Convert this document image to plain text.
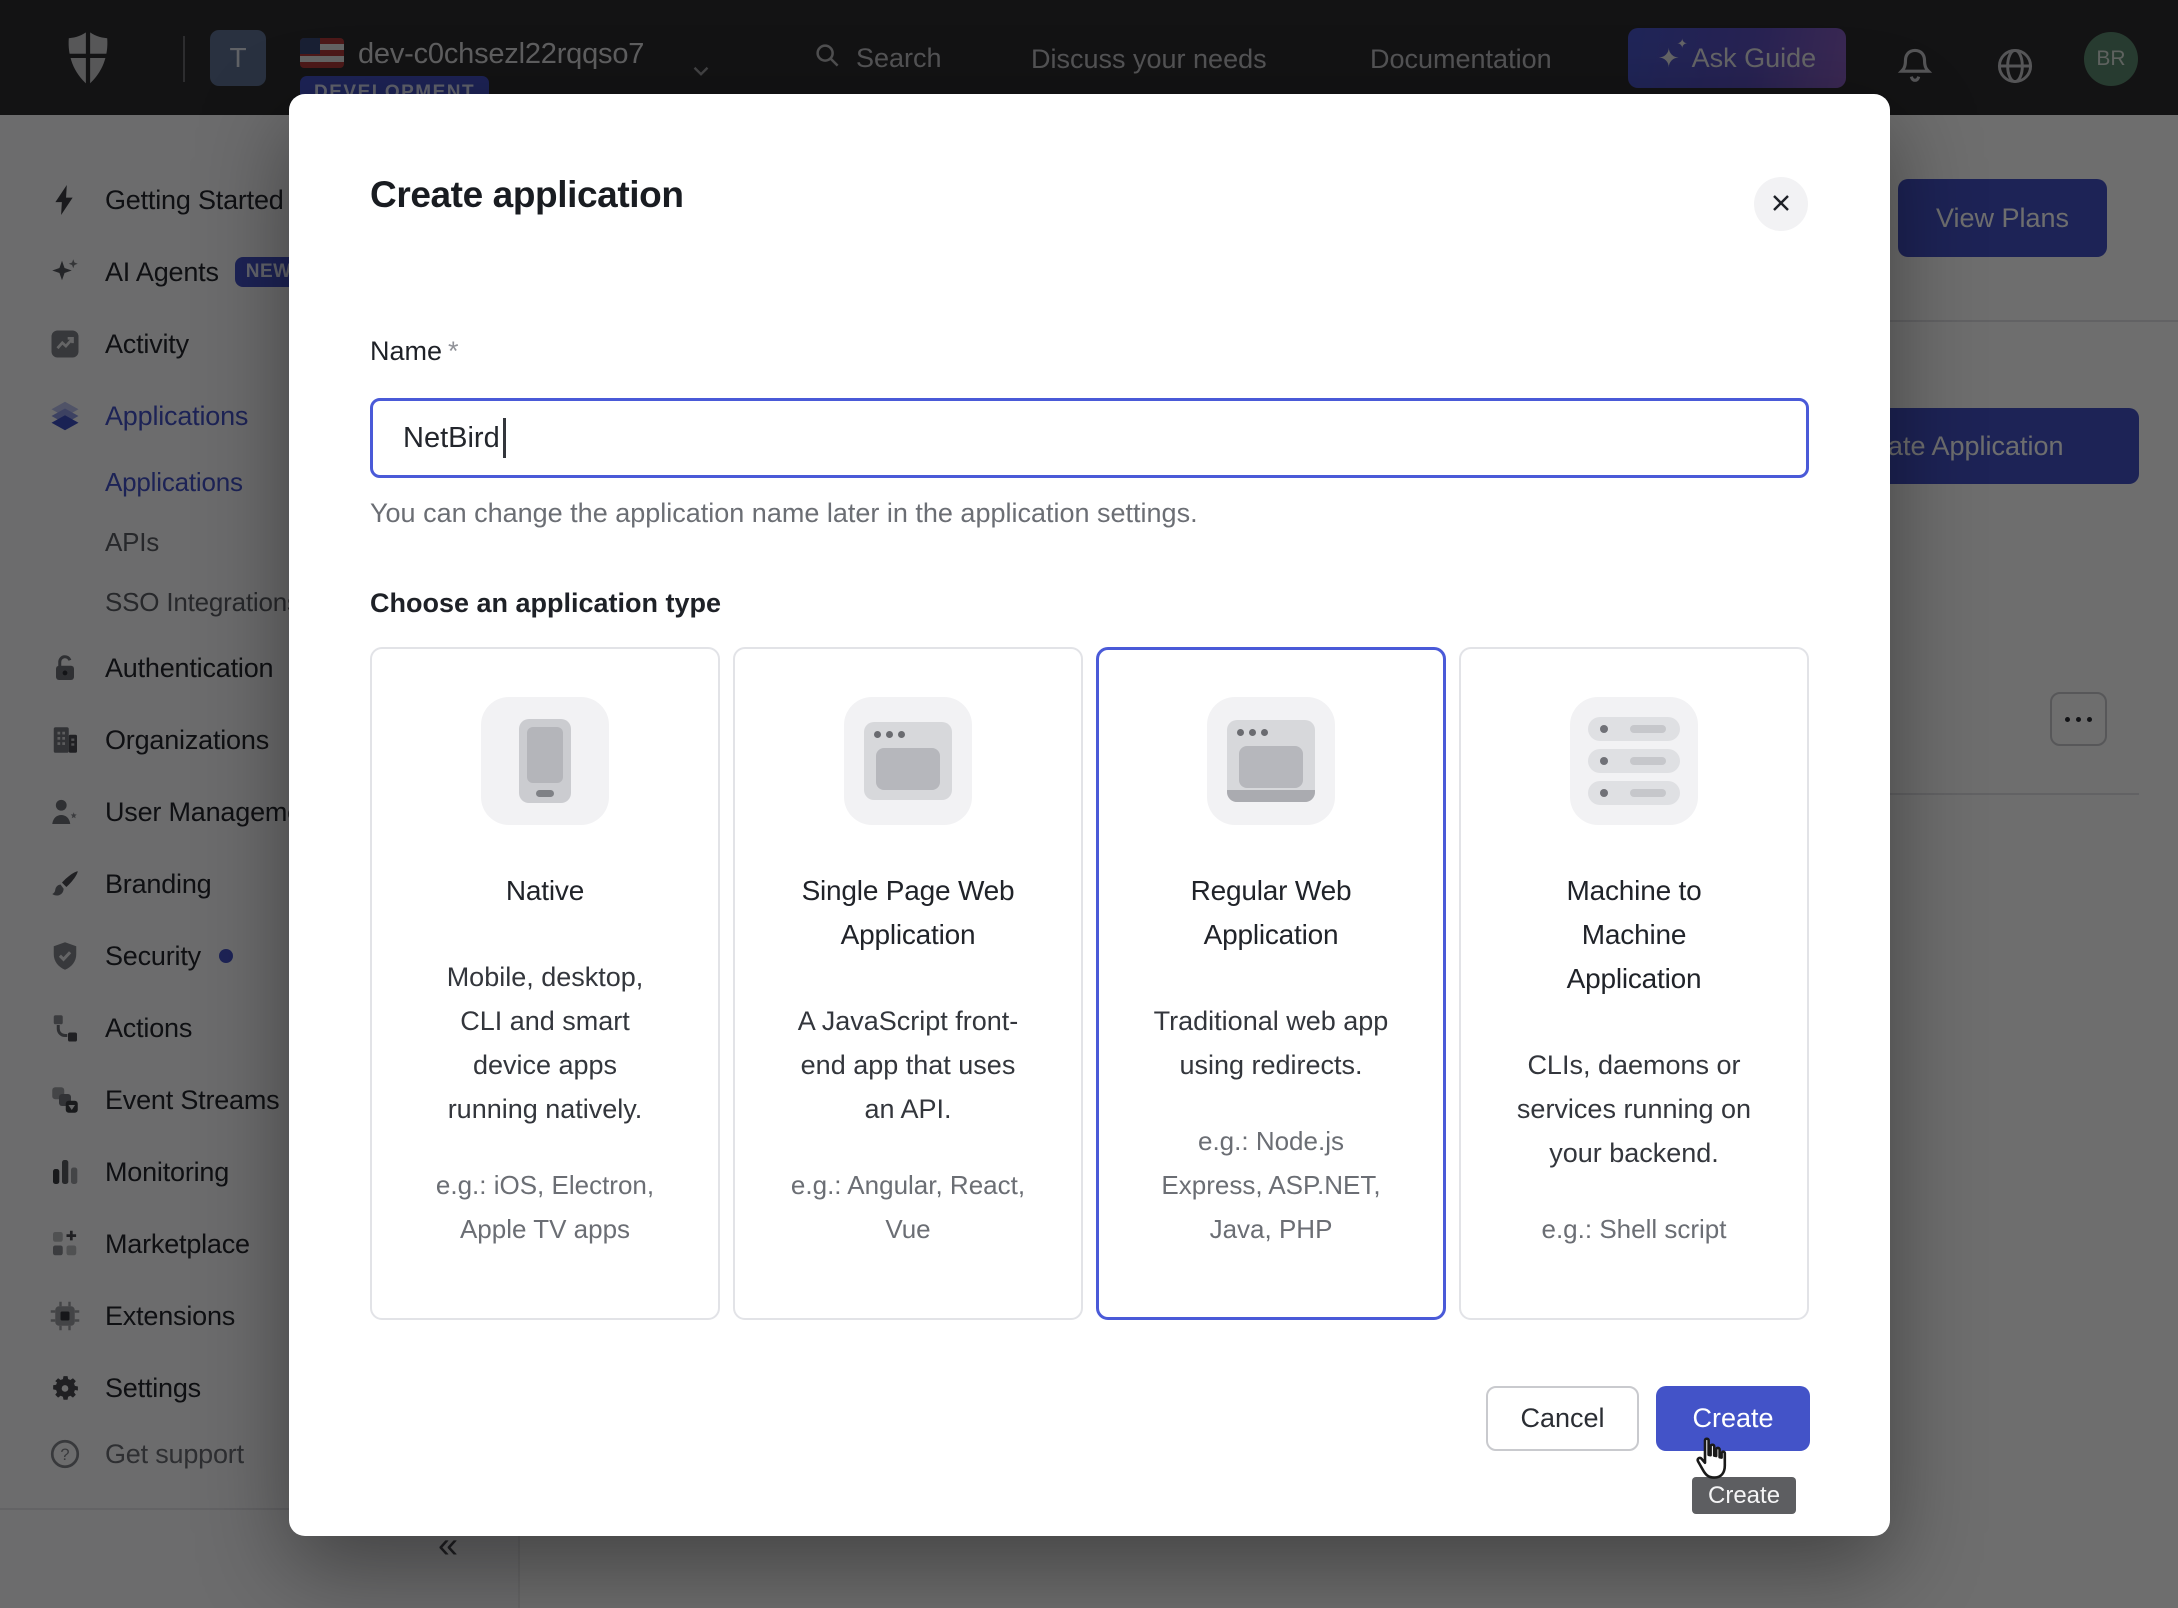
Create application
Name *
NetBird
You can change the application name later in the application settings.
Choose an application type
Native
Mobile, desktop, CLI and smart device apps running natively.
e.g.: iOS, Electron, Apple TV apps
Single Page Web Application
A JavaScript front-end app that uses an API.
e.g.: Angular, React, Vue
Regular Web Application
Traditional web app using redirects.
e.g.: Node.js Express, ASP.NET, Java, PHP
Machine to Machine Application
CLIs, daemons or services running on your backend.
e.g.: Shell script
Cancel	Create
Create
